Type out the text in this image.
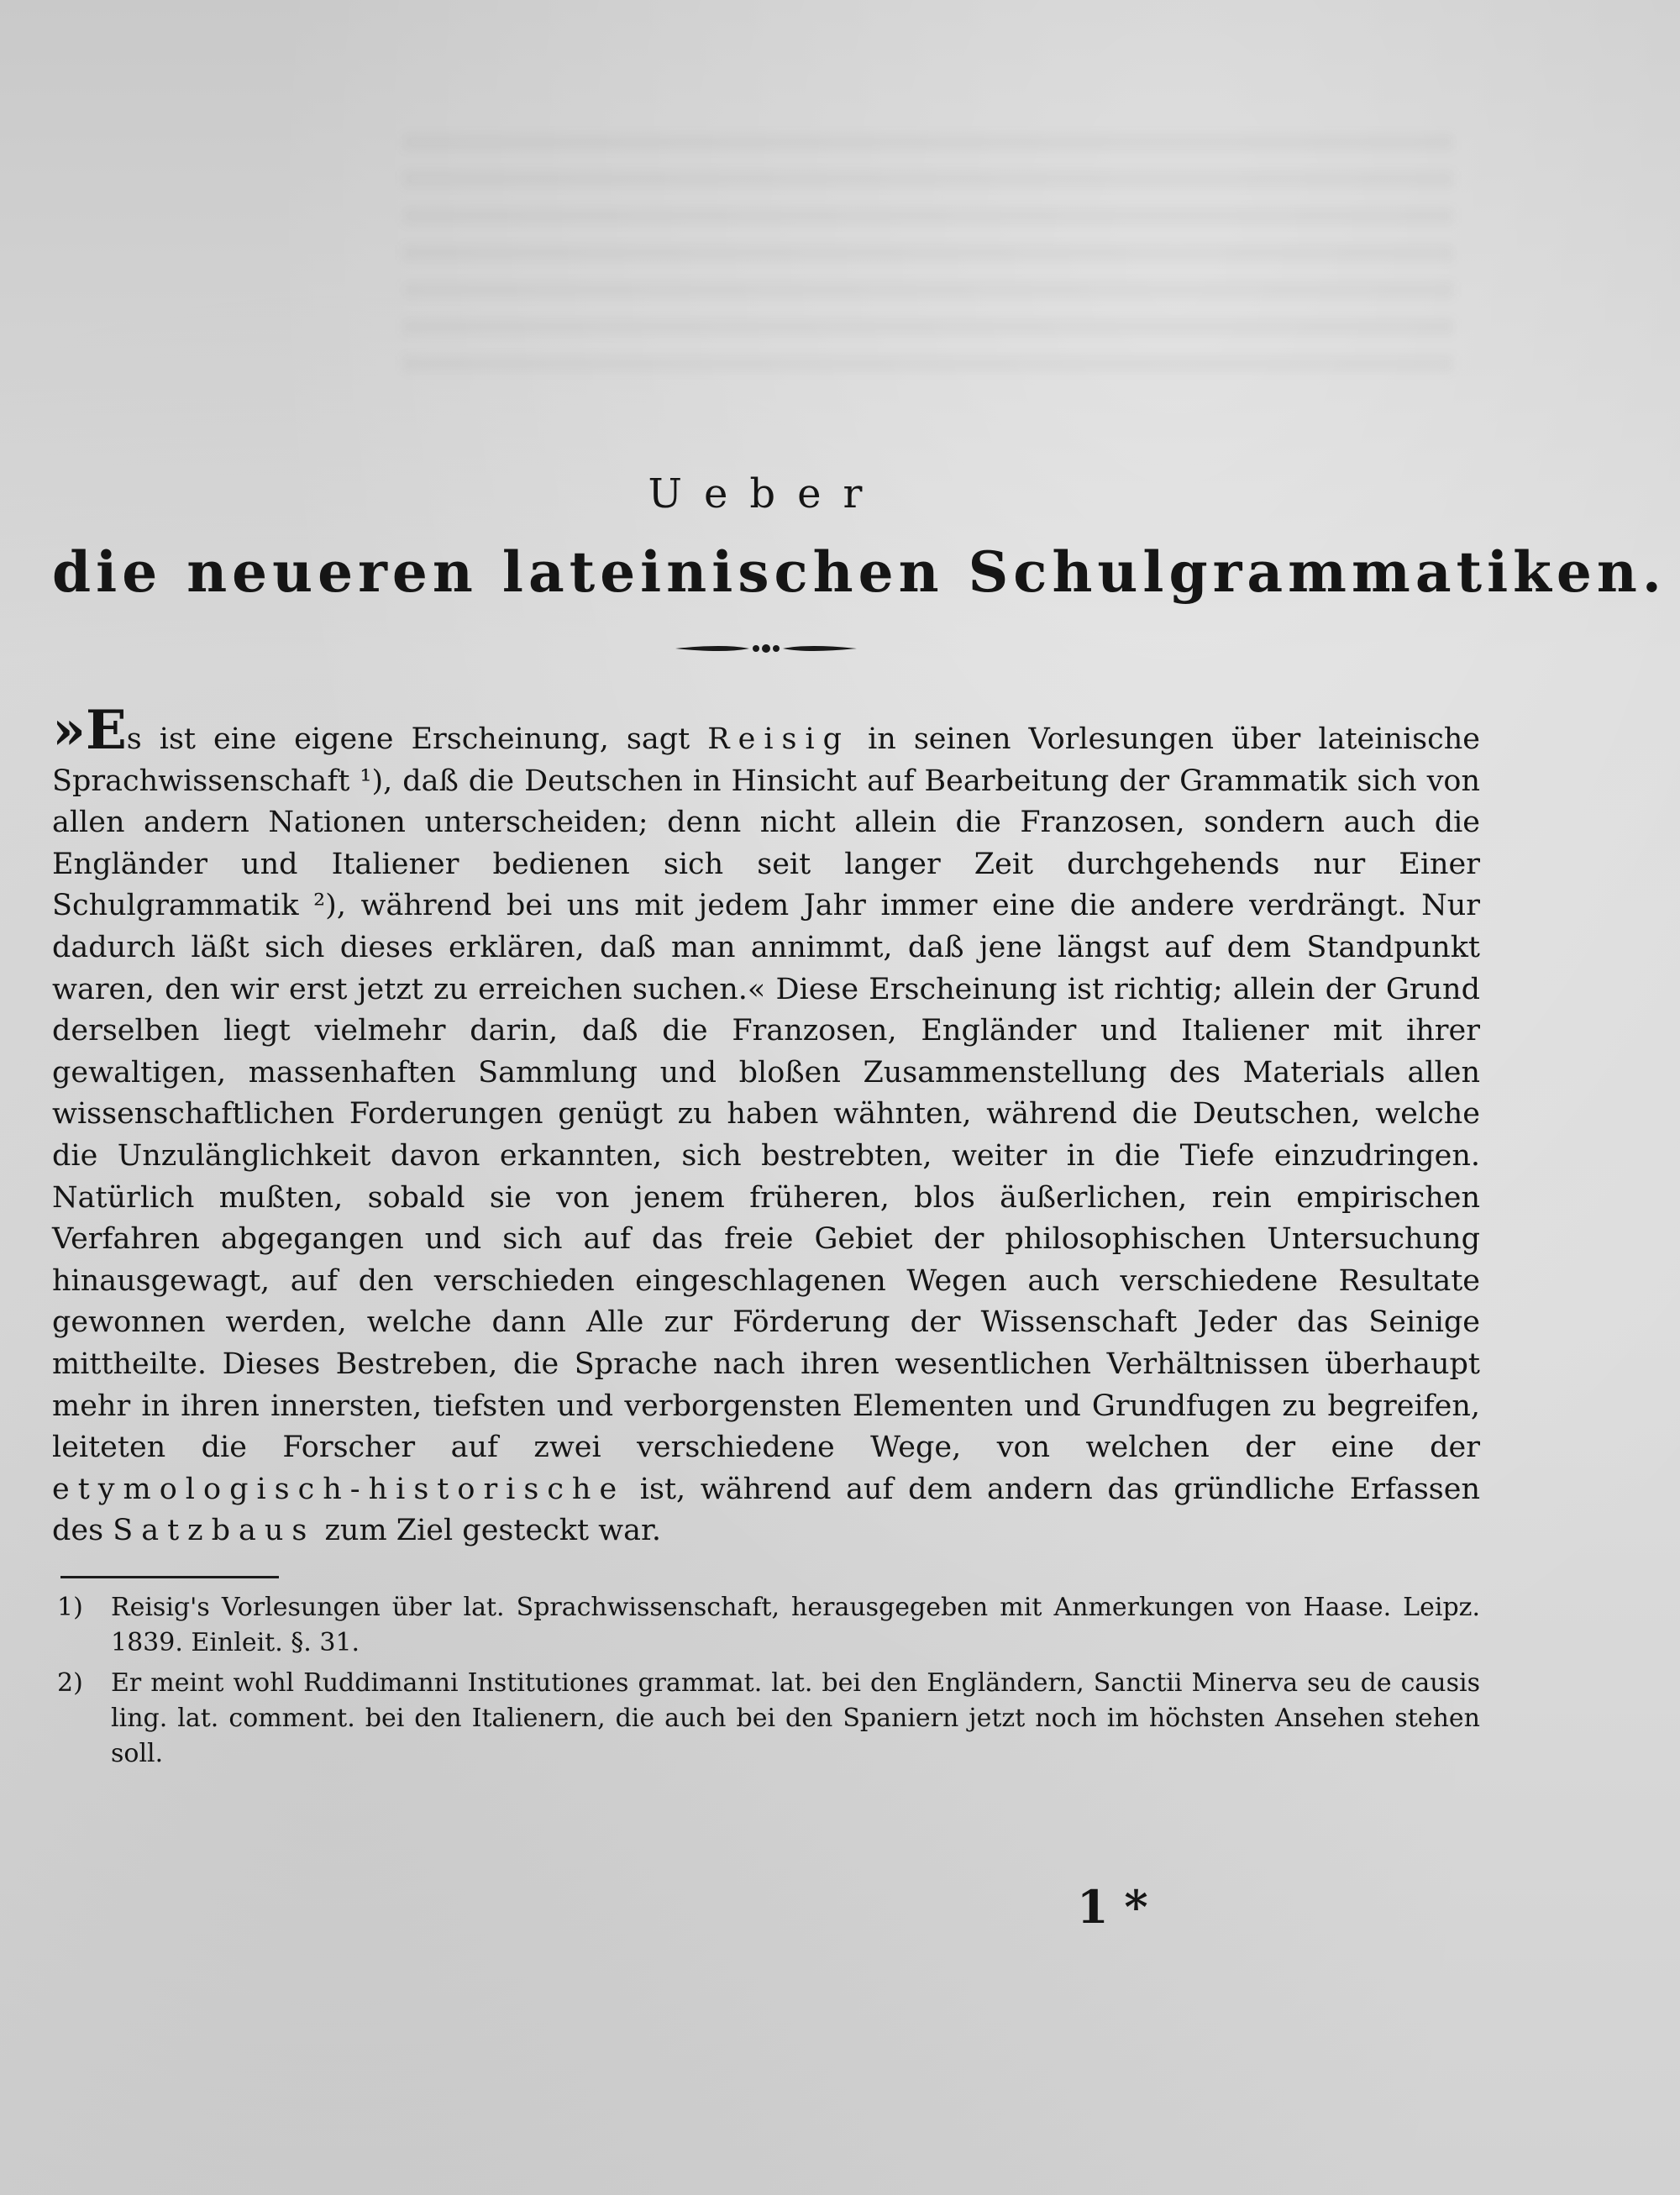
Ueber
die neueren lateinischen Schulgrammatiken.

»Es ist eine eigene Erscheinung, sagt Reisig in seinen Vorlesungen über lateinische Sprachwissenschaft ¹), daß die Deutschen in Hinsicht auf Bearbeitung der Grammatik sich von allen andern Nationen unterscheiden; denn nicht allein die Franzosen, sondern auch die Engländer und Italiener bedienen sich seit langer Zeit durchgehends nur Einer Schulgrammatik ²), während bei uns mit jedem Jahr immer eine die andere verdrängt. Nur dadurch läßt sich dieses erklären, daß man annimmt, daß jene längst auf dem Standpunkt waren, den wir erst jetzt zu erreichen suchen.« Diese Erscheinung ist richtig; allein der Grund derselben liegt vielmehr darin, daß die Franzosen, Engländer und Italiener mit ihrer gewaltigen, massenhaften Sammlung und bloßen Zusammenstellung des Materials allen wissenschaftlichen Forderungen genügt zu haben wähnten, während die Deutschen, welche die Unzulänglichkeit davon erkannten, sich bestrebten, weiter in die Tiefe einzudringen. Natürlich mußten, sobald sie von jenem früheren, blos äußerlichen, rein empirischen Verfahren abgegangen und sich auf das freie Gebiet der philosophischen Untersuchung hinausgewagt, auf den verschieden eingeschlagenen Wegen auch verschiedene Resultate gewonnen werden, welche dann Alle zur Förderung der Wissenschaft Jeder das Seinige mittheilte. Dieses Bestreben, die Sprache nach ihren wesentlichen Verhältnissen überhaupt mehr in ihren innersten, tiefsten und verborgensten Elementen und Grundfugen zu begreifen, leiteten die Forscher auf zwei verschiedene Wege, von welchen der eine der etymologisch-historische ist, während auf dem andern das gründliche Erfassen des Satzbaus zum Ziel gesteckt war.

1) Reisig's Vorlesungen über lat. Sprachwissenschaft, herausgegeben mit Anmerkungen von Haase. Leipz. 1839. Einleit. §. 31.

2) Er meint wohl Ruddimanni Institutiones grammat. lat. bei den Engländern, Sanctii Minerva seu de causis ling. lat. comment. bei den Italienern, die auch bei den Spaniern jetzt noch im höchsten Ansehen stehen soll.

1 *
